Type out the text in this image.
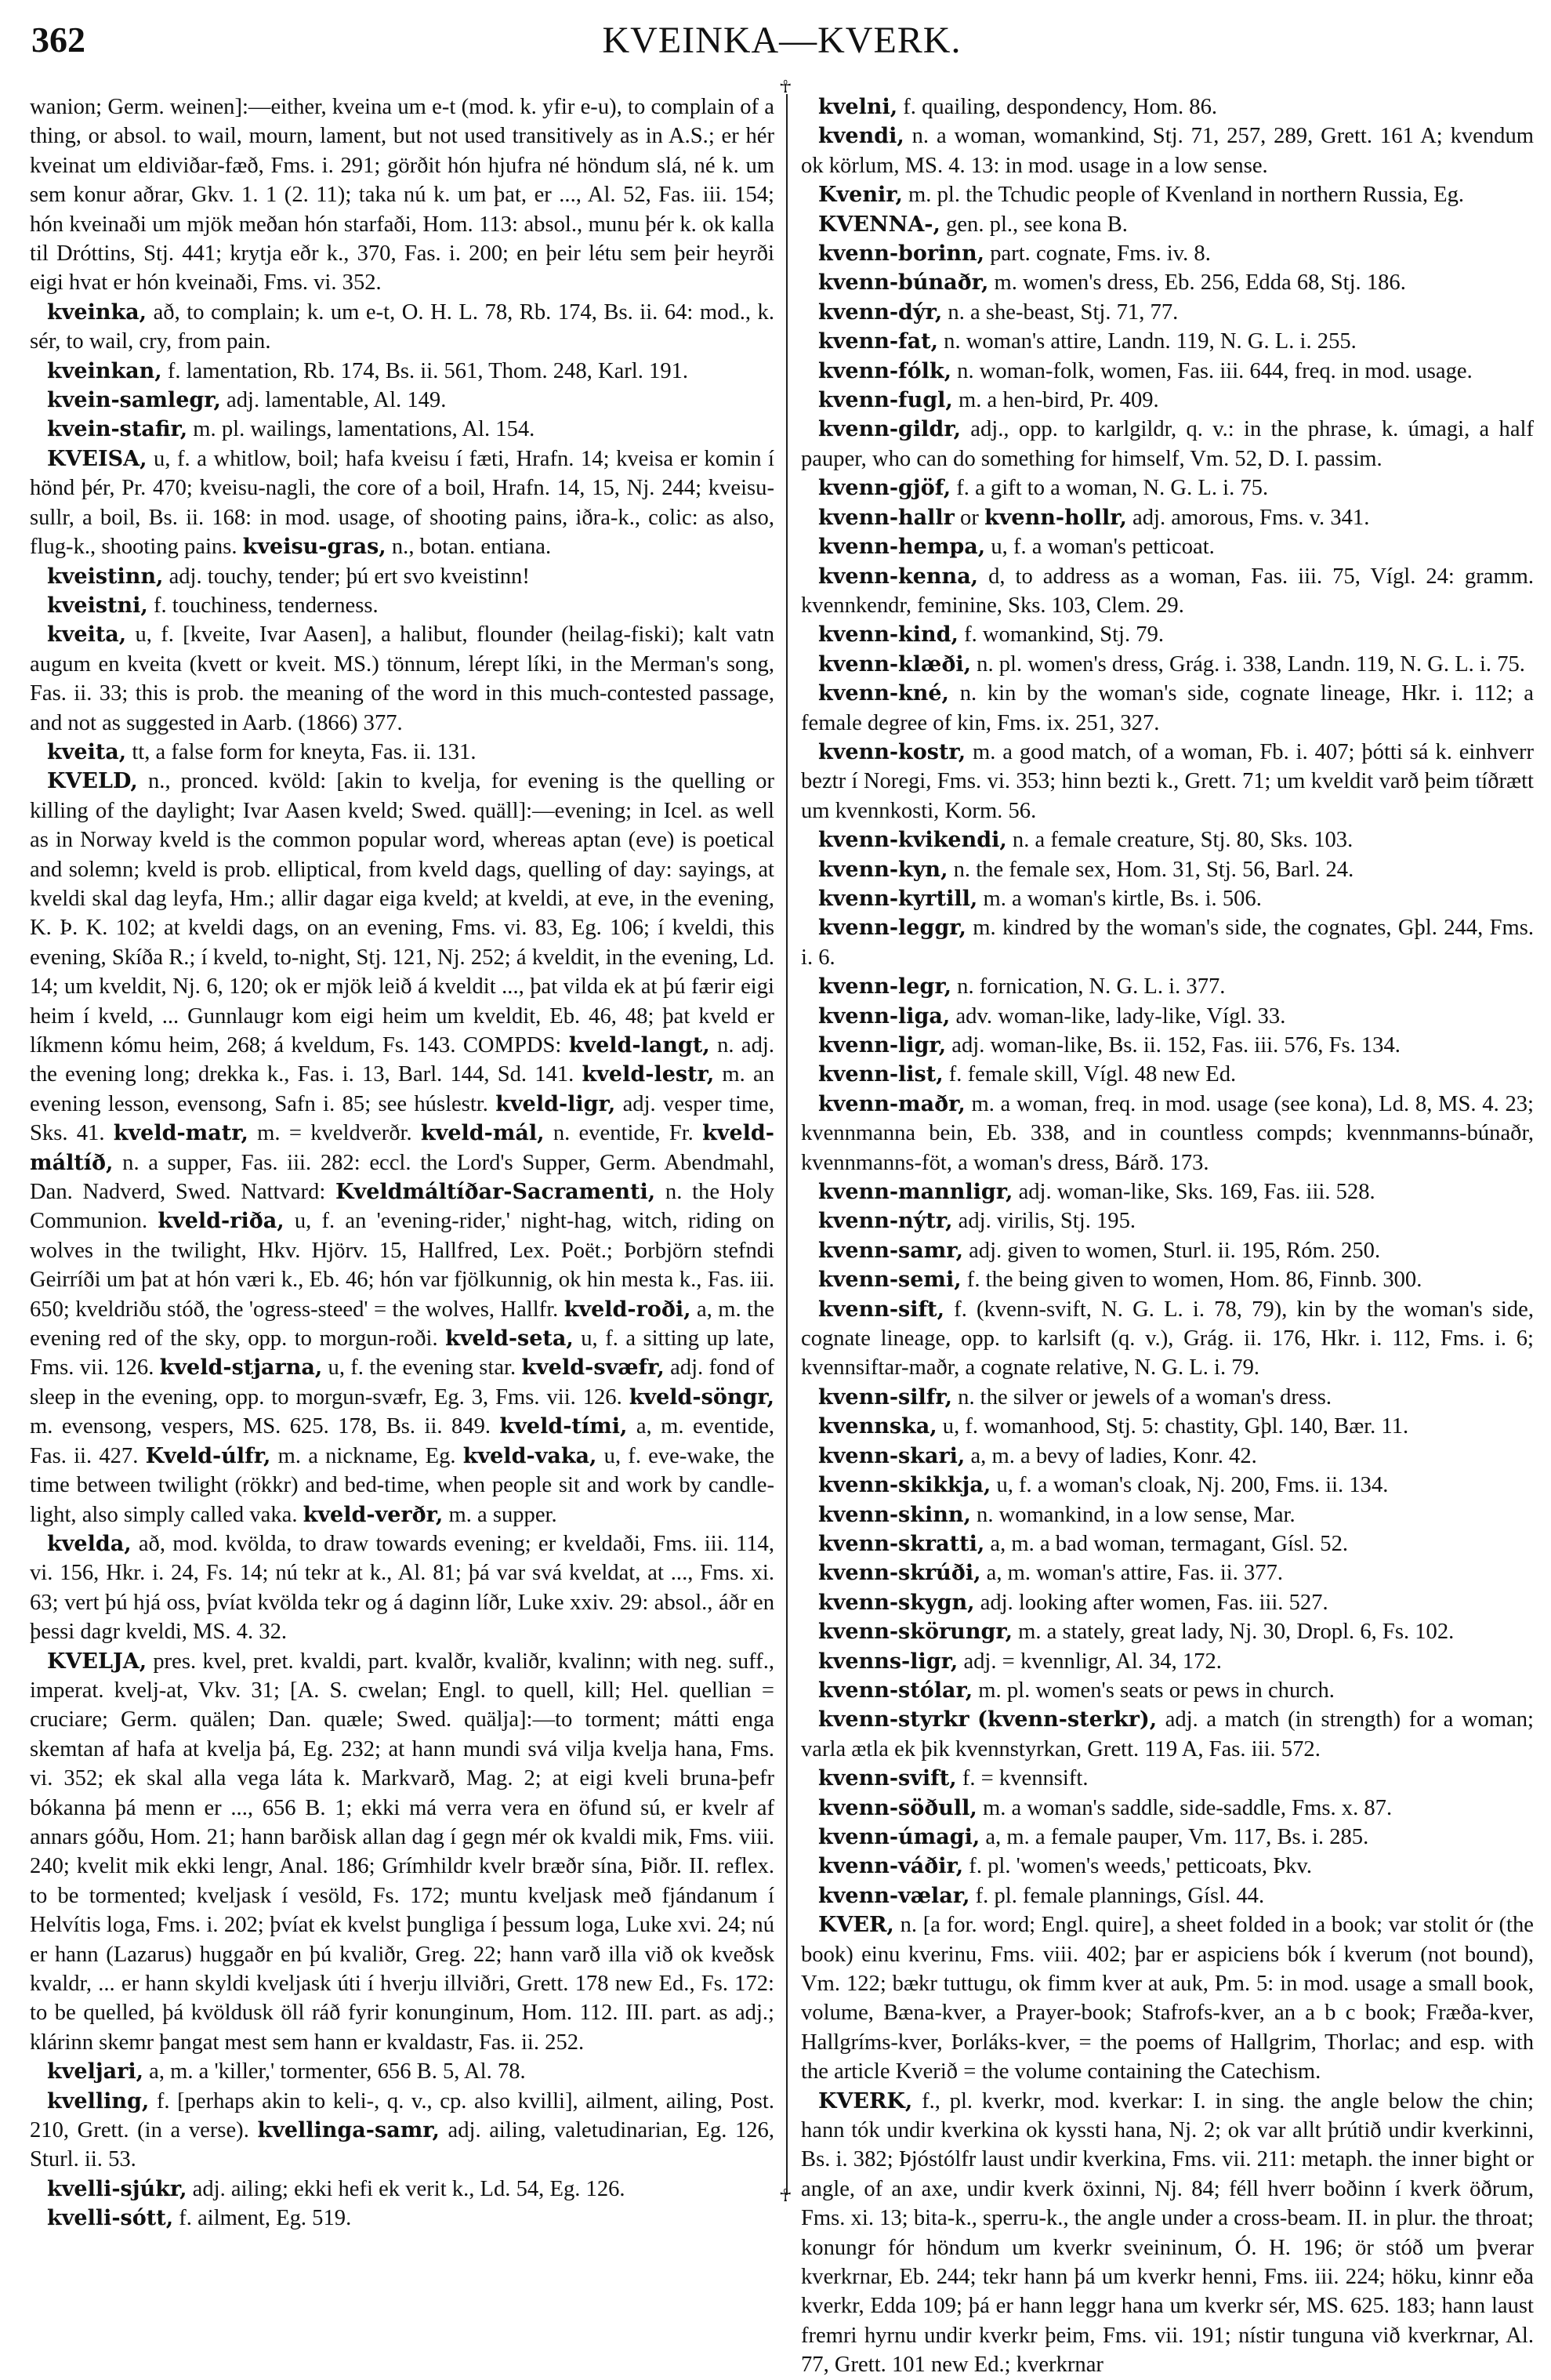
362	KVEINKA—KVERK.

wanion; Germ. weinen]:—either, kveina um e-t (mod. k. yfir e-u), to complain of a thing, or absol. to wail, mourn, lament, but not used transitively as in A.S.; er hér kveinat um eldiviðar-fæð, Fms. i. 291; görðit hón hjufra né höndum slá, né k. um sem konur aðrar, Gkv. 1. 1 (2. 11); taka nú k. um þat, er ..., Al. 52, Fas. iii. 154; hón kveinaði um mjök meðan hón starfaði, Hom. 113: absol., munu þér k. ok kalla til Dróttins, Stj. 441; krytja eðr k., 370, Fas. i. 200; en þeir létu sem þeir heyrði eigi hvat er hón kveinaði, Fms. vi. 352.

kveinka, að, to complain; k. um e-t, O. H. L. 78, Rb. 174, Bs. ii. 64: mod., k. sér, to wail, cry, from pain.

kveinkan, f. lamentation, Rb. 174, Bs. ii. 561, Thom. 248, Karl. 191.

kvein-samlegr, adj. lamentable, Al. 149.

kvein-stafir, m. pl. wailings, lamentations, Al. 154.

KVEISA, u, f. a whitlow, boil; hafa kveisu í fæti, Hrafn. 14; kveisa er komin í hönd þér, Pr. 470; kveisu-nagli, the core of a boil, Hrafn. 14, 15, Nj. 244; kveisu-sullr, a boil, Bs. ii. 168: in mod. usage, of shooting pains, iðra-k., colic: as also, flug-k., shooting pains. kveisu-gras, n., botan. entiana.

kveistinn, adj. touchy, tender; þú ert svo kveistinn!

kveistni, f. touchiness, tenderness.

kveita, u, f. [kveite, Ivar Aasen], a halibut, flounder (heilag-fiski); kalt vatn augum en kveita (kvett or kveit. MS.) tönnum, lérept líki, in the Merman's song, Fas. ii. 33; this is prob. the meaning of the word in this much-contested passage, and not as suggested in Aarb. (1866) 377.

kveita, tt, a false form for kneyta, Fas. ii. 131.

KVELD, n., pronced. kvöld: [akin to kvelja, for evening is the quelling or killing of the daylight; Ivar Aasen kveld; Swed. quäll]:—evening; in Icel. as well as in Norway kveld is the common popular word, whereas aptan (eve) is poetical and solemn; kveld is prob. elliptical, from kveld dags, quelling of day: sayings, at kveldi skal dag leyfa, Hm.; allir dagar eiga kveld; at kveldi, at eve, in the evening, K. Þ. K. 102; at kveldi dags, on an evening, Fms. vi. 83, Eg. 106; í kveldi, this evening, Skíða R.; í kveld, to-night, Stj. 121, Nj. 252; á kveldit, in the evening, Ld. 14; um kveldit, Nj. 6, 120; ok er mjök leið á kveldit ..., þat vilda ek at þú færir eigi heim í kveld, ... Gunnlaugr kom eigi heim um kveldit, Eb. 46, 48; þat kveld er líkmenn kómu heim, 268; á kveldum, Fs. 143. COMPDS: kveld-langt, n. adj. the evening long; drekka k., Fas. i. 13, Barl. 144, Sd. 141. kveld-lestr, m. an evening lesson, evensong, Safn i. 85; see húslestr. kveld-ligr, adj. vesper time, Sks. 41. kveld-matr, m. = kveldverðr. kveld-mál, n. eventide, Fr. kveld-máltíð, n. a supper, Fas. iii. 282: eccl. the Lord's Supper, Germ. Abendmahl, Dan. Nadverd, Swed. Nattvard: Kveldmáltíðar-Sacramenti, n. the Holy Communion. kveld-riða, u, f. an 'evening-rider,' night-hag, witch, riding on wolves in the twilight, Hkv. Hjörv. 15, Hallfred, Lex. Poët.; Þorbjörn stefndi Geirríði um þat at hón væri k., Eb. 46; hón var fjölkunnig, ok hin mesta k., Fas. iii. 650; kveldriðu stóð, the 'ogress-steed' = the wolves, Hallfr. kveld-roði, a, m. the evening red of the sky, opp. to morgun-roði. kveld-seta, u, f. a sitting up late, Fms. vii. 126. kveld-stjarna, u, f. the evening star. kveld-svæfr, adj. fond of sleep in the evening, opp. to morgun-svæfr, Eg. 3, Fms. vii. 126. kveld-söngr, m. evensong, vespers, MS. 625. 178, Bs. ii. 849. kveld-tími, a, m. eventide, Fas. ii. 427. Kveld-úlfr, m. a nickname, Eg. kveld-vaka, u, f. eve-wake, the time between twilight (rökkr) and bed-time, when people sit and work by candle-light, also simply called vaka. kveld-verðr, m. a supper.

kvelda, að, mod. kvölda, to draw towards evening; er kveldaði, Fms. iii. 114, vi. 156, Hkr. i. 24, Fs. 14; nú tekr at k., Al. 81; þá var svá kveldat, at ..., Fms. xi. 63; vert þú hjá oss, þvíat kvölda tekr og á daginn líðr, Luke xxiv. 29: absol., áðr en þessi dagr kveldi, MS. 4. 32.

KVELJA, pres. kvel, pret. kvaldi, part. kvalðr, kvaliðr, kvalinn; with neg. suff., imperat. kvelj-at, Vkv. 31; [A. S. cwelan; Engl. to quell, kill; Hel. quellian = cruciare; Germ. quälen; Dan. quæle; Swed. quälja]:—to torment; mátti enga skemtan af hafa at kvelja þá, Eg. 232; at hann mundi svá vilja kvelja hana, Fms. vi. 352; ek skal alla vega láta k. Markvarð, Mag. 2; at eigi kveli bruna-þefr bókanna þá menn er ..., 656 B. 1; ekki má verra vera en öfund sú, er kvelr af annars góðu, Hom. 21; hann barðisk allan dag í gegn mér ok kvaldi mik, Fms. viii. 240; kvelit mik ekki lengr, Anal. 186; Grímhildr kvelr bræðr sína, Þiðr. II. reflex. to be tormented; kveljask í vesöld, Fs. 172; muntu kveljask með fjándanum í Helvítis loga, Fms. i. 202; þvíat ek kvelst þungliga í þessum loga, Luke xvi. 24; nú er hann (Lazarus) huggaðr en þú kvaliðr, Greg. 22; hann varð illa við ok kveðsk kvaldr, ... er hann skyldi kveljask úti í hverju illviðri, Grett. 178 new Ed., Fs. 172: to be quelled, þá kvöldusk öll ráð fyrir konunginum, Hom. 112. III. part. as adj.; klárinn skemr þangat mest sem hann er kvaldastr, Fas. ii. 252.

kveljari, a, m. a 'killer,' tormenter, 656 B. 5, Al. 78.

kvelling, f. [perhaps akin to keli-, q. v., cp. also kvilli], ailment, ailing, Post. 210, Grett. (in a verse). kvellinga-samr, adj. ailing, valetudinarian, Eg. 126, Sturl. ii. 53.

kvelli-sjúkr, adj. ailing; ekki hefi ek verit k., Ld. 54, Eg. 126.

kvelli-sótt, f. ailment, Eg. 519.

☥
☥

kvelni, f. quailing, despondency, Hom. 86.

kvendi, n. a woman, womankind, Stj. 71, 257, 289, Grett. 161 A; kvendum ok körlum, MS. 4. 13: in mod. usage in a low sense.

Kvenir, m. pl. the Tchudic people of Kvenland in northern Russia, Eg.

KVENNA-, gen. pl., see kona B.

kvenn-borinn, part. cognate, Fms. iv. 8.

kvenn-búnaðr, m. women's dress, Eb. 256, Edda 68, Stj. 186.

kvenn-dýr, n. a she-beast, Stj. 71, 77.

kvenn-fat, n. woman's attire, Landn. 119, N. G. L. i. 255.

kvenn-fólk, n. woman-folk, women, Fas. iii. 644, freq. in mod. usage.

kvenn-fugl, m. a hen-bird, Pr. 409.

kvenn-gildr, adj., opp. to karlgildr, q. v.: in the phrase, k. úmagi, a half pauper, who can do something for himself, Vm. 52, D. I. passim.

kvenn-gjöf, f. a gift to a woman, N. G. L. i. 75.

kvenn-hallr or kvenn-hollr, adj. amorous, Fms. v. 341.

kvenn-hempa, u, f. a woman's petticoat.

kvenn-kenna, d, to address as a woman, Fas. iii. 75, Vígl. 24: gramm. kvennkendr, feminine, Sks. 103, Clem. 29.

kvenn-kind, f. womankind, Stj. 79.

kvenn-klæði, n. pl. women's dress, Grág. i. 338, Landn. 119, N. G. L. i. 75.

kvenn-kné, n. kin by the woman's side, cognate lineage, Hkr. i. 112; a female degree of kin, Fms. ix. 251, 327.

kvenn-kostr, m. a good match, of a woman, Fb. i. 407; þótti sá k. einhverr beztr í Noregi, Fms. vi. 353; hinn bezti k., Grett. 71; um kveldit varð þeim tíðrætt um kvennkosti, Korm. 56.

kvenn-kvikendi, n. a female creature, Stj. 80, Sks. 103.

kvenn-kyn, n. the female sex, Hom. 31, Stj. 56, Barl. 24.

kvenn-kyrtill, m. a woman's kirtle, Bs. i. 506.

kvenn-leggr, m. kindred by the woman's side, the cognates, Gþl. 244, Fms. i. 6.

kvenn-legr, n. fornication, N. G. L. i. 377.

kvenn-liga, adv. woman-like, lady-like, Vígl. 33.

kvenn-ligr, adj. woman-like, Bs. ii. 152, Fas. iii. 576, Fs. 134.

kvenn-list, f. female skill, Vígl. 48 new Ed.

kvenn-maðr, m. a woman, freq. in mod. usage (see kona), Ld. 8, MS. 4. 23; kvennmanna bein, Eb. 338, and in countless compds; kvennmanns-búnaðr, kvennmanns-föt, a woman's dress, Bárð. 173.

kvenn-mannligr, adj. woman-like, Sks. 169, Fas. iii. 528.

kvenn-nýtr, adj. virilis, Stj. 195.

kvenn-samr, adj. given to women, Sturl. ii. 195, Róm. 250.

kvenn-semi, f. the being given to women, Hom. 86, Finnb. 300.

kvenn-sift, f. (kvenn-svift, N. G. L. i. 78, 79), kin by the woman's side, cognate lineage, opp. to karlsift (q. v.), Grág. ii. 176, Hkr. i. 112, Fms. i. 6; kvennsiftar-maðr, a cognate relative, N. G. L. i. 79.

kvenn-silfr, n. the silver or jewels of a woman's dress.

kvennska, u, f. womanhood, Stj. 5: chastity, Gþl. 140, Bær. 11.

kvenn-skari, a, m. a bevy of ladies, Konr. 42.

kvenn-skikkja, u, f. a woman's cloak, Nj. 200, Fms. ii. 134.

kvenn-skinn, n. womankind, in a low sense, Mar.

kvenn-skratti, a, m. a bad woman, termagant, Gísl. 52.

kvenn-skrúði, a, m. woman's attire, Fas. ii. 377.

kvenn-skygn, adj. looking after women, Fas. iii. 527.

kvenn-skörungr, m. a stately, great lady, Nj. 30, Dropl. 6, Fs. 102.

kvenns-ligr, adj. = kvennligr, Al. 34, 172.

kvenn-stólar, m. pl. women's seats or pews in church.

kvenn-styrkr (kvenn-sterkr), adj. a match (in strength) for a woman; varla ætla ek þik kvennstyrkan, Grett. 119 A, Fas. iii. 572.

kvenn-svift, f. = kvennsift.

kvenn-söðull, m. a woman's saddle, side-saddle, Fms. x. 87.

kvenn-úmagi, a, m. a female pauper, Vm. 117, Bs. i. 285.

kvenn-váðir, f. pl. 'women's weeds,' petticoats, Þkv.

kvenn-vælar, f. pl. female plannings, Gísl. 44.

KVER, n. [a for. word; Engl. quire], a sheet folded in a book; var stolit ór (the book) einu kverinu, Fms. viii. 402; þar er aspiciens bók í kverum (not bound), Vm. 122; bækr tuttugu, ok fimm kver at auk, Pm. 5: in mod. usage a small book, volume, Bæna-kver, a Prayer-book; Stafrofs-kver, an a b c book; Fræða-kver, Hallgríms-kver, Þorláks-kver, = the poems of Hallgrim, Thorlac; and esp. with the article Kverið = the volume containing the Catechism.

KVERK, f., pl. kverkr, mod. kverkar: I. in sing. the angle below the chin; hann tók undir kverkina ok kyssti hana, Nj. 2; ok var allt þrútið undir kverkinni, Bs. i. 382; Þjóstólfr laust undir kverkina, Fms. vii. 211: metaph. the inner bight or angle, of an axe, undir kverk öxinni, Nj. 84; féll hverr boðinn í kverk öðrum, Fms. xi. 13; bita-k., sperru-k., the angle under a cross-beam. II. in plur. the throat; konungr fór höndum um kverkr sveininum, Ó. H. 196; ör stóð um þverar kverkrnar, Eb. 244; tekr hann þá um kverkr henni, Fms. iii. 224; höku, kinnr eða kverkr, Edda 109; þá er hann leggr hana um kverkr sér, MS. 625. 183; hann laust fremri hyrnu undir kverkr þeim, Fms. vii. 191; nístir tunguna við kverkrnar, Al. 77, Grett. 101 new Ed.; kverkrnar
